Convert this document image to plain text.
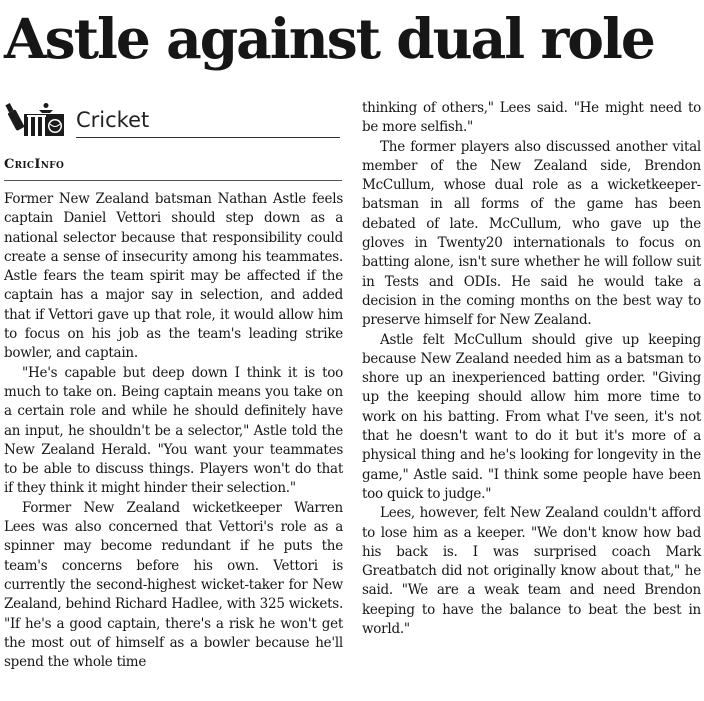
Astle against dual role
Cricket
CricInfo

Former New Zealand batsman Nathan Astle feels captain Daniel Vettori should step down as a national selector because that responsibility could create a sense of insecurity among his teammates. Astle fears the team spirit may be affected if the captain has a major say in selection, and added that if Vettori gave up that role, it would allow him to focus on his job as the team's leading strike bowler, and captain.

"He's capable but deep down I think it is too much to take on. Being captain means you take on a certain role and while he should definitely have an input, he shouldn't be a selector," Astle told the New Zealand Herald. "You want your teammates to be able to discuss things. Players won't do that if they think it might hinder their selection."

Former New Zealand wicketkeeper Warren Lees was also concerned that Vettori's role as a spinner may become redundant if he puts the team's concerns before his own. Vettori is currently the second-highest wicket-taker for New Zealand, behind Richard Hadlee, with 325 wickets. "If he's a good captain, there's a risk he won't get the most out of himself as a bowler because he'll spend the whole time

thinking of others," Lees said. "He might need to be more selfish."

The former players also discussed another vital member of the New Zealand side, Brendon McCullum, whose dual role as a wicketkeeper-batsman in all forms of the game has been debated of late. McCullum, who gave up the gloves in Twenty20 internationals to focus on batting alone, isn't sure whether he will follow suit in Tests and ODIs. He said he would take a decision in the coming months on the best way to preserve himself for New Zealand.

Astle felt McCullum should give up keeping because New Zealand needed him as a batsman to shore up an inexperienced batting order. "Giving up the keeping should allow him more time to work on his batting. From what I've seen, it's not that he doesn't want to do it but it's more of a physical thing and he's looking for longevity in the game," Astle said. "I think some people have been too quick to judge."

Lees, however, felt New Zealand couldn't afford to lose him as a keeper. "We don't know how bad his back is. I was surprised coach Mark Greatbatch did not originally know about that," he said. "We are a weak team and need Brendon keeping to have the balance to beat the best in world."
